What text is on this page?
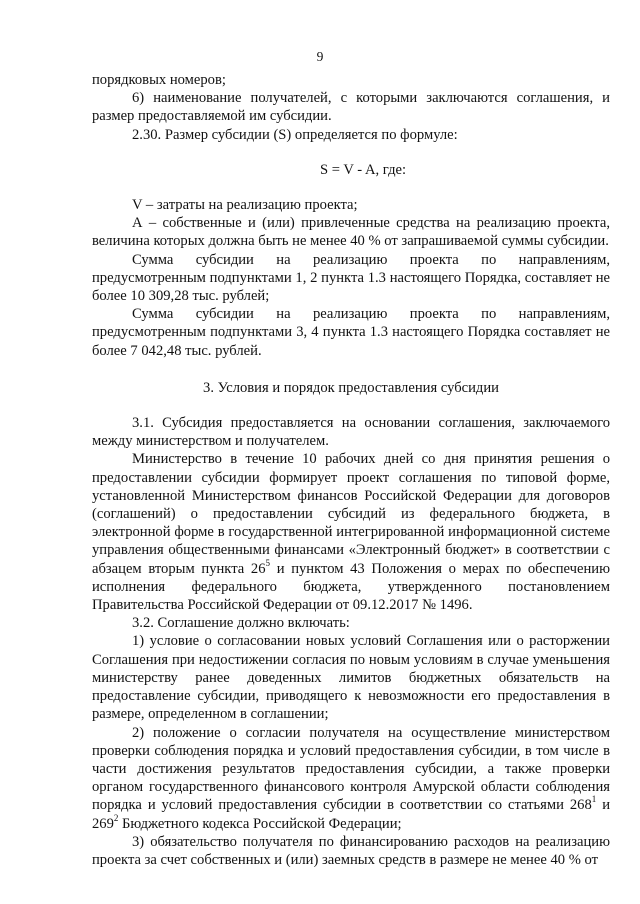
9

порядковых номеров;

6) наименование получателей, с которыми заключаются соглашения, и размер предоставляемой им субсидии.

2.30. Размер субсидии (S) определяется по формуле:

S = V - A, где:

V – затраты на реализацию проекта;

А – собственные и (или) привлеченные средства на реализацию проекта, величина которых должна быть не менее 40 % от запрашиваемой суммы субсидии.

Сумма субсидии на реализацию проекта по направлениям, предусмотренным подпунктами 1, 2 пункта 1.3 настоящего Порядка, составляет не более 10 309,28 тыс. рублей;

Сумма субсидии на реализацию проекта по направлениям, предусмотренным подпунктами 3, 4 пункта 1.3 настоящего Порядка составляет не более 7 042,48 тыс. рублей.

3. Условия и порядок предоставления субсидии

3.1. Субсидия предоставляется на основании соглашения, заключаемого между министерством и получателем.

Министерство в течение 10 рабочих дней со дня принятия решения о предоставлении субсидии формирует проект соглашения по типовой форме, установленной Министерством финансов Российской Федерации для договоров (соглашений) о предоставлении субсидий из федерального бюджета, в электронной форме в государственной интегрированной информационной системе управления общественными финансами «Электронный бюджет» в соответствии с абзацем вторым пункта $26^5$ и пунктом 43 Положения о мерах по обеспечению исполнения федерального бюджета, утвержденного постановлением Правительства Российской Федерации от 09.12.2017 № 1496.

3.2. Соглашение должно включать:

1) условие о согласовании новых условий Соглашения или о расторжении Соглашения при недостижении согласия по новым условиям в случае уменьшения министерству ранее доведенных лимитов бюджетных обязательств на предоставление субсидии, приводящего к невозможности его предоставления в размере, определенном в соглашении;

2) положение о согласии получателя на осуществление министерством проверки соблюдения порядка и условий предоставления субсидии, в том числе в части достижения результатов предоставления субсидии, а также проверки органом государственного финансового контроля Амурской области соблюдения порядка и условий предоставления субсидии в соответствии со статьями $268^1$ и $269^2$ Бюджетного кодекса Российской Федерации;

3) обязательство получателя по финансированию расходов на реализацию проекта за счет собственных и (или) заемных средств в размере не менее 40 % от
